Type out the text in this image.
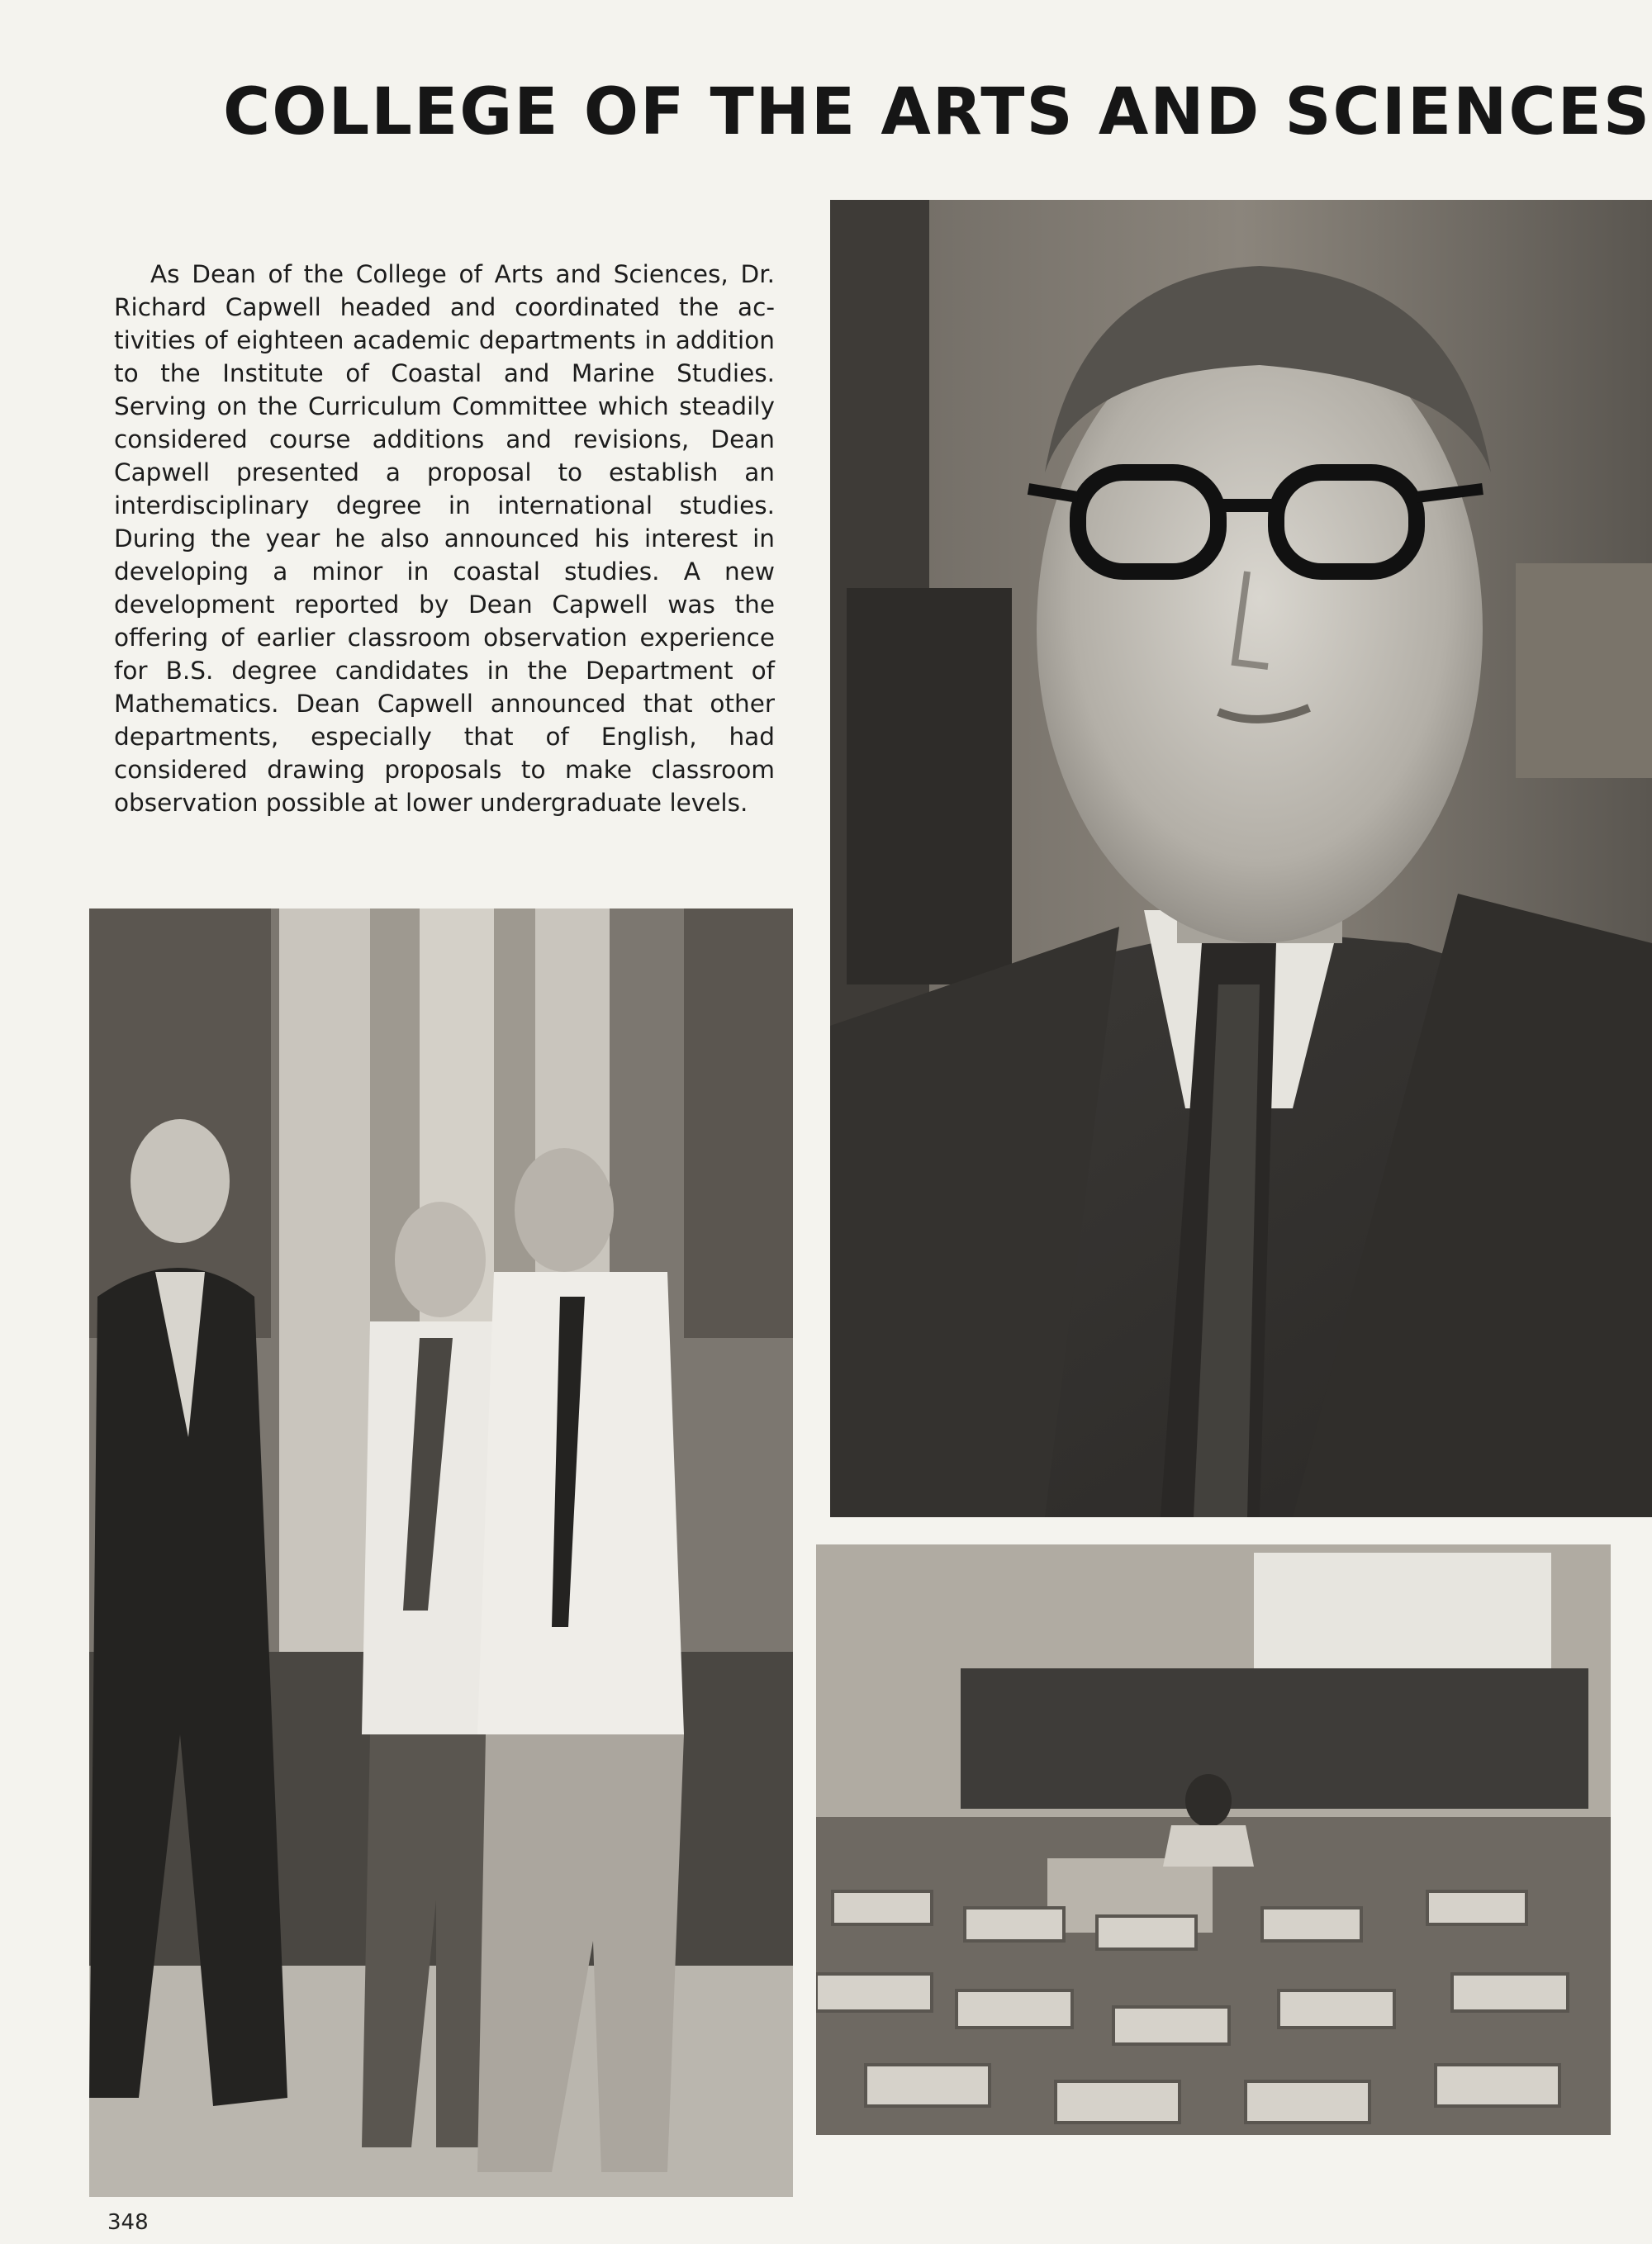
COLLEGE OF THE ARTS AND SCIENCES

As Dean of the College of Arts and Sciences, Dr. Richard Capwell headed and coordinated the activities of eighteen academic departments in addition to the Institute of Coastal and Marine Studies. Serving on the Curriculum Committee which steadily considered course additions and revisions, Dean Capwell presented a proposal to establish an interdisciplinary degree in international studies. During the year he also announced his interest in developing a minor in coastal studies. A new development reported by Dean Capwell was the offering of earlier classroom observation experience for B.S. degree candidates in the Department of Mathematics. Dean Capwell announced that other departments, especially that of English, had considered drawing proposals to make classroom observation possible at lower undergraduate levels.

348
